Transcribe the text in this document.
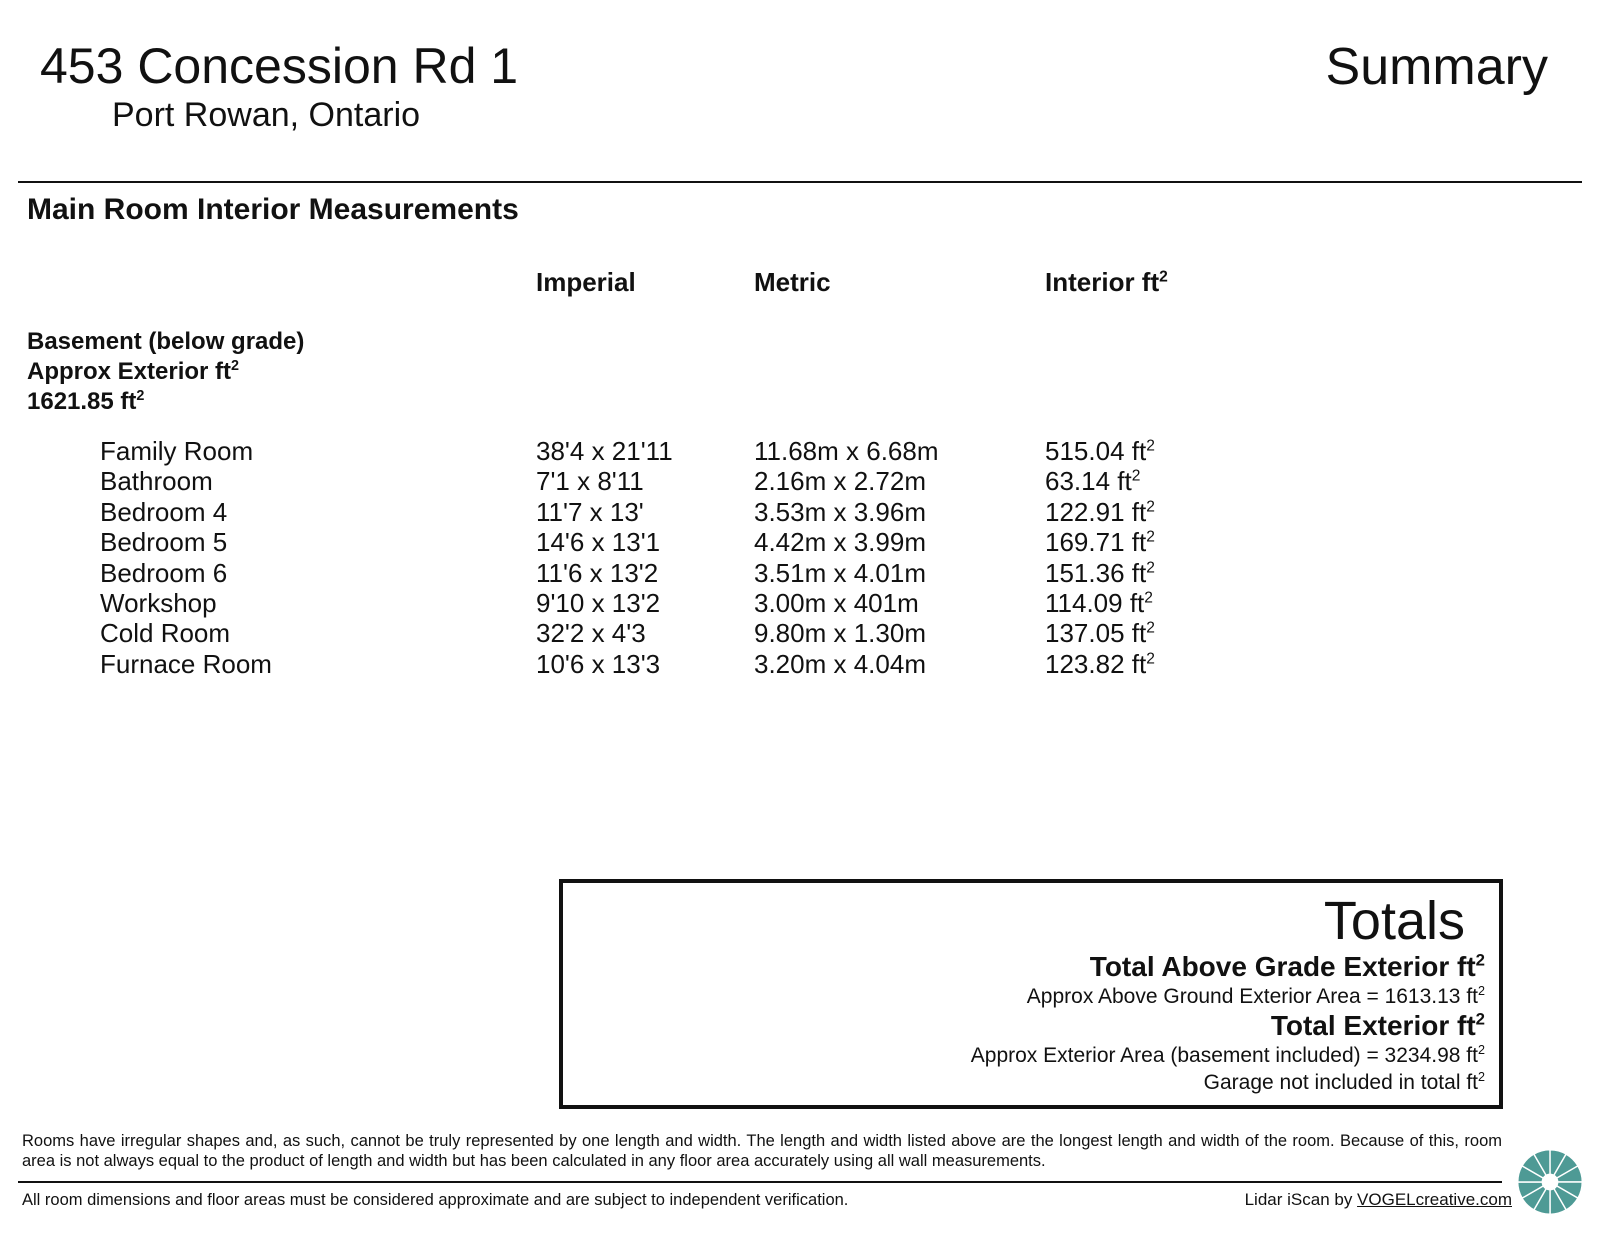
453 Concession Rd 1
Port Rowan, Ontario
Summary
Main Room Interior Measurements
Imperial	Metric	Interior $ft^2$
Basement (below grade)
Approx Exterior $ft^2$
1621.85 $ft^2$
Family Room	38'4 x 21'11	11.68m x 6.68m	515.04 $ft^2$
Bathroom	7'1 x 8'11	2.16m x 2.72m	63.14 $ft^2$
Bedroom 4	11'7 x 13'	3.53m x 3.96m	122.91 $ft^2$
Bedroom 5	14'6 x 13'1	4.42m x 3.99m	169.71 $ft^2$
Bedroom 6	11'6 x 13'2	3.51m x 4.01m	151.36 $ft^2$
Workshop	9'10 x 13'2	3.00m x 401m	114.09 $ft^2$
Cold Room	32'2 x 4'3	9.80m x 1.30m	137.05 $ft^2$
Furnace Room	10'6 x 13'3	3.20m x 4.04m	123.82 $ft^2$
Totals
Total Above Grade Exterior $ft^2$
Approx Above Ground Exterior Area = 1613.13 $ft^2$
Total Exterior $ft^2$
Approx Exterior Area (basement included) = 3234.98 $ft^2$
Garage not included in total $ft^2$
Rooms have irregular shapes and, as such, cannot be truly represented by one length and width. The length and width listed above are the longest length and width of the room. Because of this, room area is not always equal to the product of length and width but has been calculated in any floor area accurately using all wall measurements.
All room dimensions and floor areas must be considered approximate and are subject to independent verification.	Lidar iScan by VOGELcreative.com
